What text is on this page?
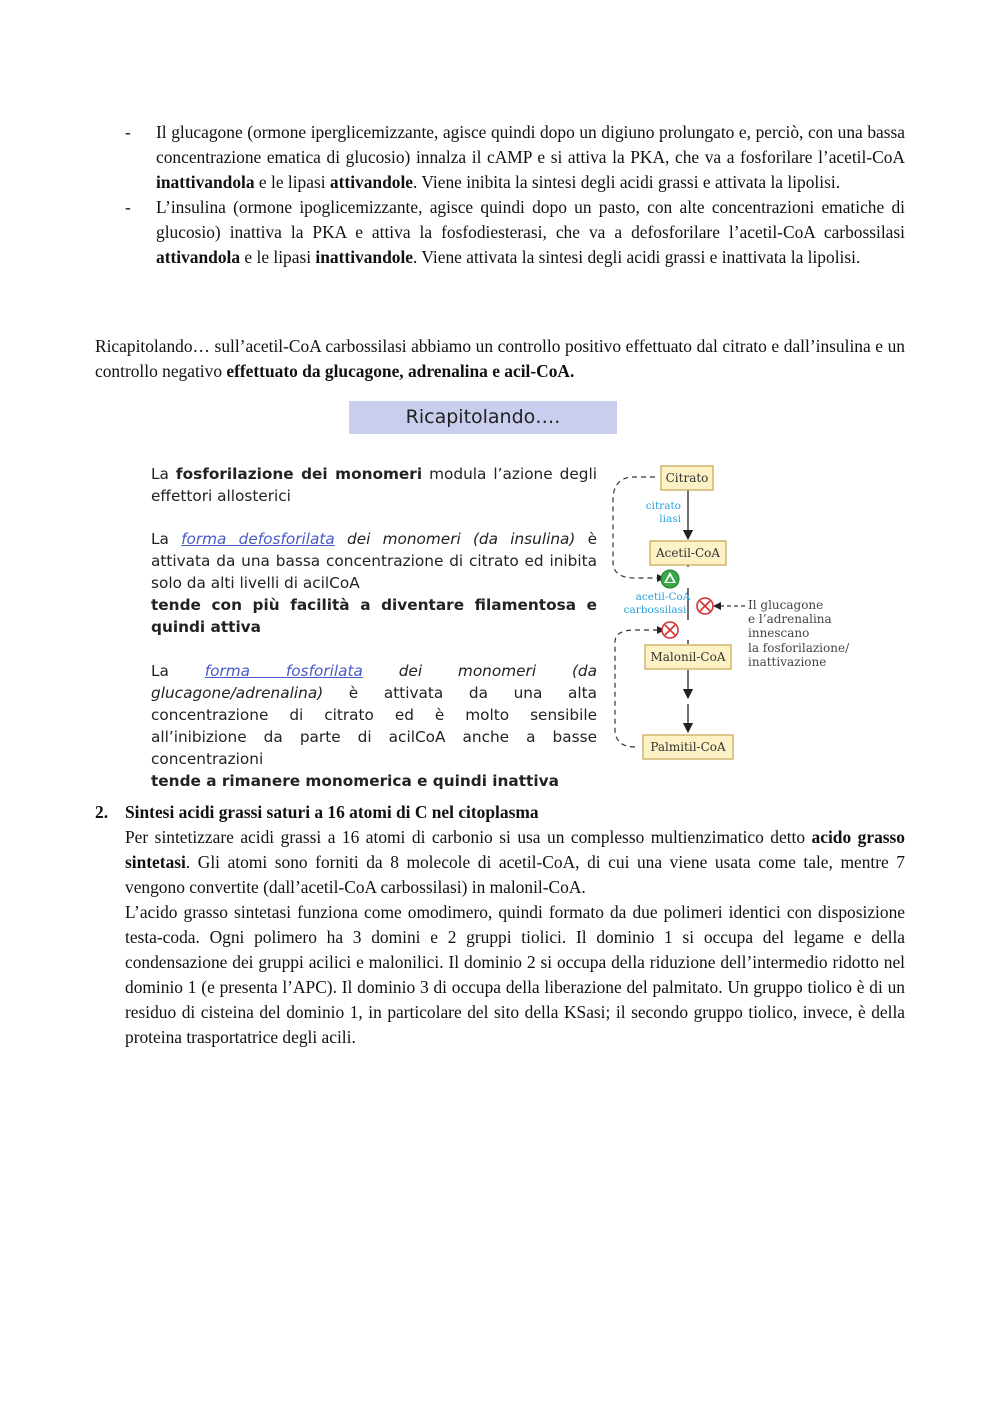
- Il glucagone (ormone iperglicemizzante, agisce quindi dopo un digiuno prolungato e, perciò, con una bassa concentrazione ematica di glucosio) innalza il cAMP e si attiva la PKA, che va a fosforilare l’acetil-CoA inattivandola e le lipasi attivandole. Viene inibita la sintesi degli acidi grassi e attivata la lipolisi.
- L’insulina (ormone ipoglicemizzante, agisce quindi dopo un pasto, con alte concentrazioni ematiche di glucosio) inattiva la PKA e attiva la fosfodiesterasi, che va a defosforilare l’acetil-CoA carbossilasi attivandola e le lipasi inattivandole. Viene attivata la sintesi degli acidi grassi e inattivata la lipolisi.
Ricapitolando… sull’acetil-CoA carbossilasi abbiamo un controllo positivo effettuato dal citrato e dall’insulina e un controllo negativo effettuato da glucagone, adrenalina e acil-CoA.
Ricapitolando….
La fosforilazione dei monomeri modula l’azione degli effettori allosterici
La forma defosforilata dei monomeri (da insulina) è attivata da una bassa concentrazione di citrato ed inibita solo da alti livelli di acilCoA
tende con più facilità a diventare filamentosa e quindi attiva
La forma fosforilata dei monomeri (da glucagone/adrenalina) è attivata da una alta concentrazione di citrato ed è molto sensibile all’inibizione da parte di acilCoA anche a basse concentrazioni
tende a rimanere monomerica e quindi inattiva
Citrato
Acetil-CoA
Malonil-CoA
Palmitil-CoA
citrato
liasi
acetil-CoA
carbossilasi	Il glucagone
e l’adrenalina
innescano
la fosforilazione/
inattivazione
2. Sintesi acidi grassi saturi a 16 atomi di C nel citoplasma

Per sintetizzare acidi grassi a 16 atomi di carbonio si usa un complesso multienzimatico detto acido grasso sintetasi. Gli atomi sono forniti da 8 molecole di acetil-CoA, di cui una viene usata come tale, mentre 7 vengono convertite (dall’acetil-CoA carbossilasi) in malonil-CoA.

L’acido grasso sintetasi funziona come omodimero, quindi formato da due polimeri identici con disposizione testa-coda. Ogni polimero ha 3 domini e 2 gruppi tiolici. Il dominio 1 si occupa del legame e della condensazione dei gruppi acilici e malonilici. Il dominio 2 si occupa della riduzione dell’intermedio ridotto nel dominio 1 (e presenta l’APC). Il dominio 3 di occupa della liberazione del palmitato. Un gruppo tiolico è di un residuo di cisteina del dominio 1, in particolare del sito della KSasi; il secondo gruppo tiolico, invece, è della proteina trasportatrice degli acili.
